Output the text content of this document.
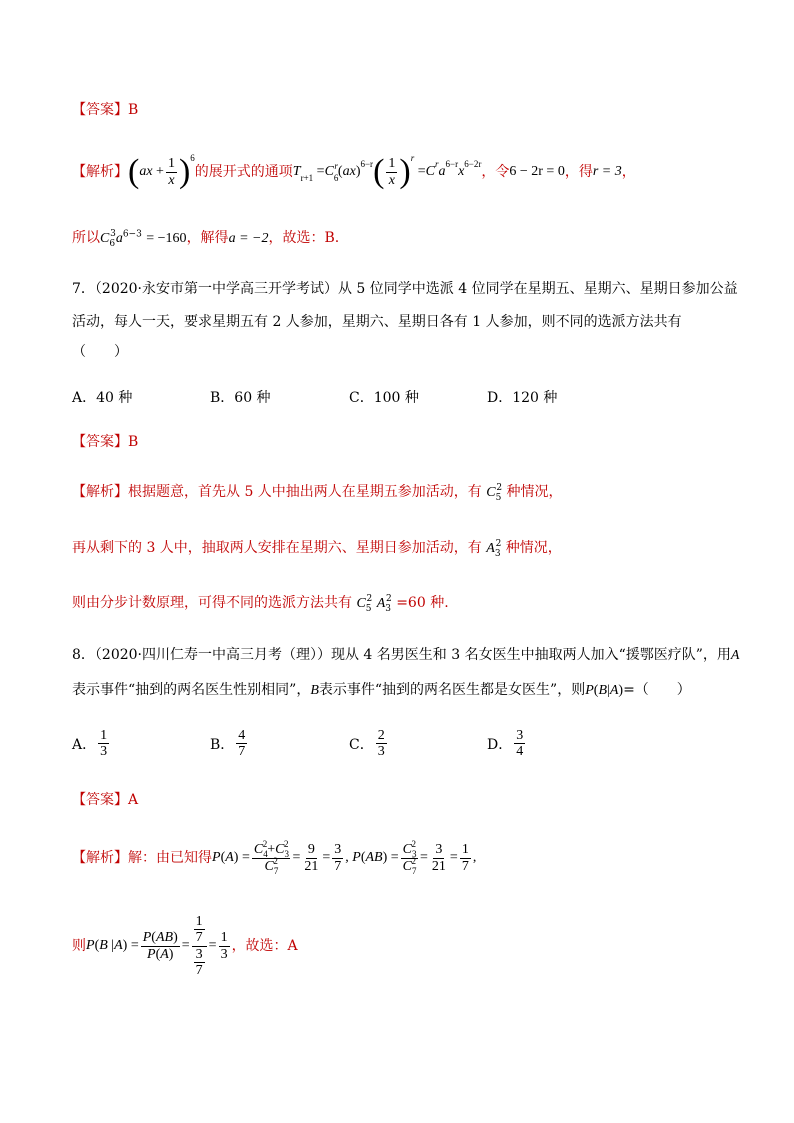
【答案】B
【解析】 ( ax + $\frac{1}{x} )^6$
的展开式的通项 $T_{r+1} = C_6$
$^r$ ( ax )$^{6-r}$ ( $\frac{1}{x} )^r$
= $C^r$ $a^{6-r}$ $x^{6-2r}$ ，令 6 − 2r = 0 ，得 r = 3 ，
所以$C_6^3a^{6-3} = -160$，解得a = −2，故选：B.
7．（2020·永安市第一中学高三开学考试）从 5 位同学中选派 4 位同学在星期五、星期六、星期日参加公益
活动，每人一天，要求星期五有 2 人参加，星期六、星期日各有 1 人参加，则不同的选派方法共有
（　　）
A．40 种	B．60 种	C．100 种	D．120 种
【答案】B
【解析】根据题意，首先从 5 人中抽出两人在星期五参加活动，有 $C_5^2$ 种情况，
再从剩下的 3 人中，抽取两人安排在星期六、星期日参加活动，有 $A_3^2$ 种情况，
则由分步计数原理，可得不同的选派方法共有 $C_5^2$ $A_3^2 =60$ 种.
8．（2020·四川仁寿一中高三月考（理））现从 4 名男医生和 3 名女医生中抽取两人加入“援鄂医疗队”，用A
表示事件“抽到的两名医生性别相同”，B表示事件“抽到的两名医生都是女医生”，则P(B|A)=（　　）
A． $\frac{1}{3}$	B． $\frac{4}{7}$	C． $\frac{2}{3}$	D． $\frac{3}{4}$
【答案】A
【解析】 解：由已知得 P ( A ) = $\frac{C_4^2+C_3^2}{C_7^2} = \frac{9}{21} = \frac{3}{7}$ , P ( AB ) = $\frac{C_3^2}{C_7^2} = \frac{3}{21} = \frac{1}{7}$ ,
则 P ( B | A ) = $\frac{P(AB)}{P(A)} = \frac{\frac{1}{7}}{\frac{3}{7}} = \frac{1}{3}$ ，故选：A
